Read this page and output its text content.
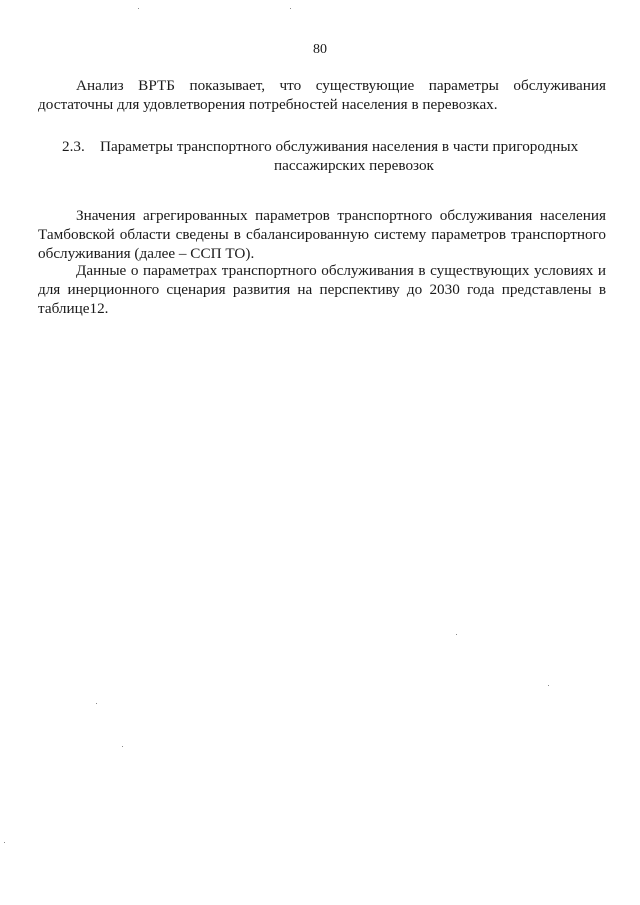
80

Анализ ВРТБ показывает, что существующие параметры обслуживания достаточны для удовлетворения потребностей населения в перевозках.

2.3. Параметры транспортного обслуживания населения в части пригородных
пассажирских перевозок

Значения агрегированных параметров транспортного обслуживания населения Тамбовской области сведены в сбалансированную систему параметров транспортного обслуживания (далее – ССП ТО).

Данные о параметрах транспортного обслуживания в существующих условиях и для инерционного сценария развития на перспективу до 2030 года представлены в таблице12.
